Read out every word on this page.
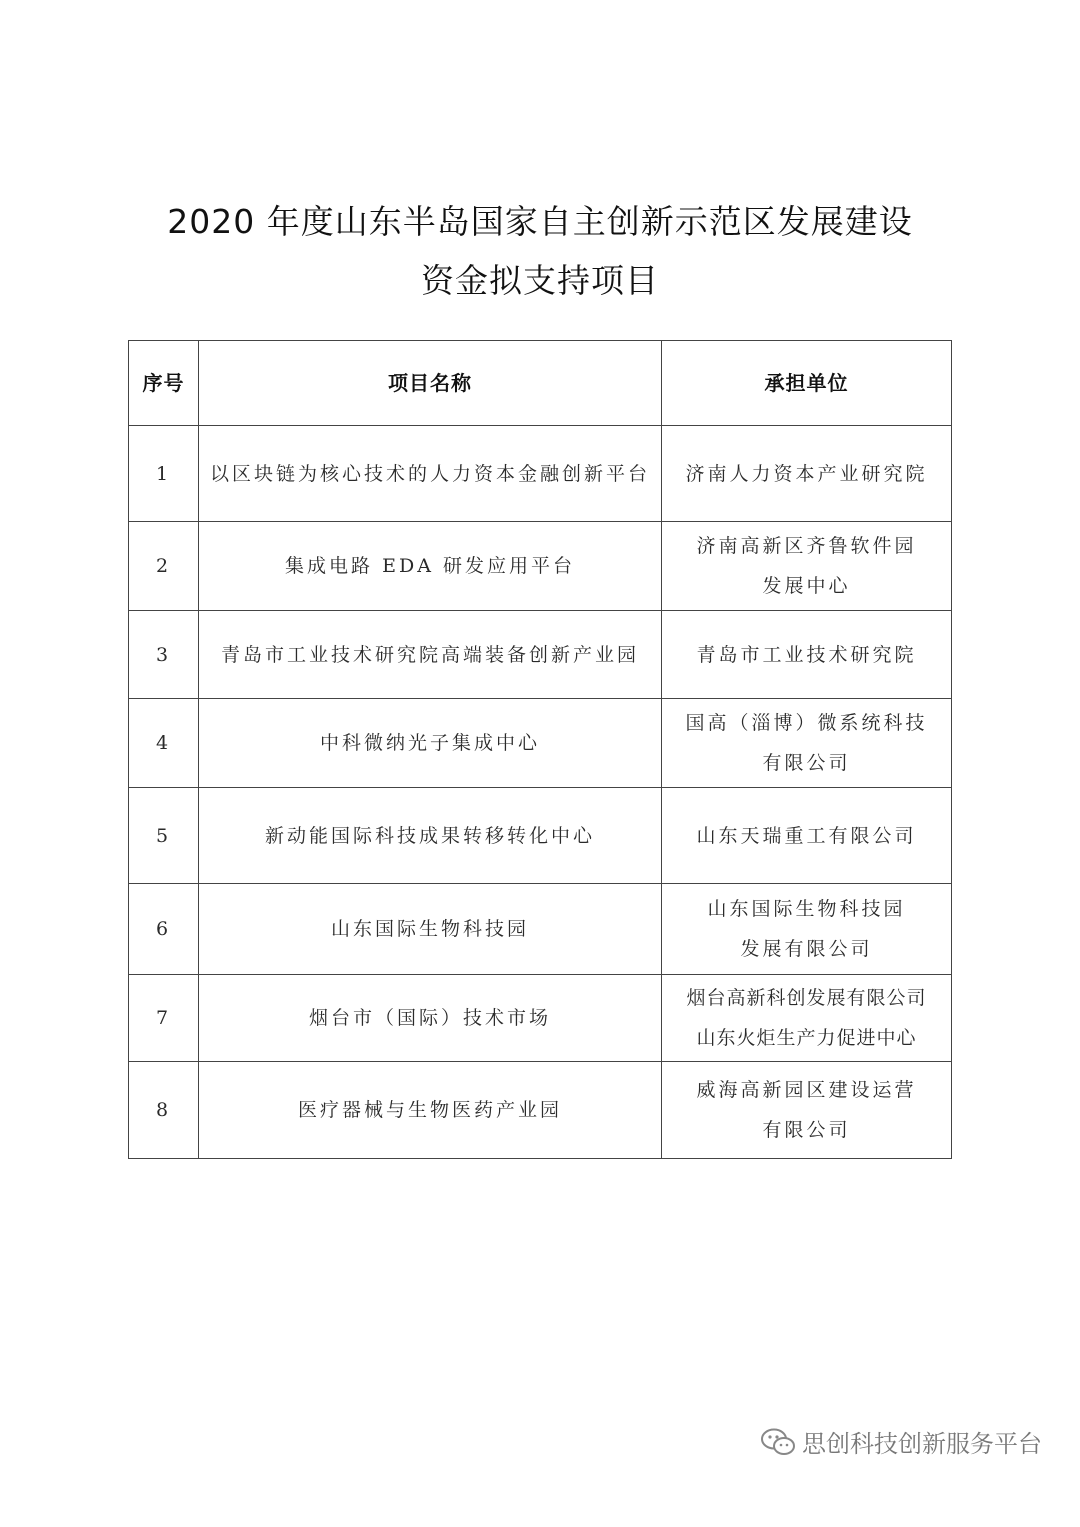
2020 年度山东半岛国家自主创新示范区发展建设
资金拟支持项目
序号	项目名称	承担单位
1	以区块链为核心技术的人力资本金融创新平台	济南人力资本产业研究院

2	集成电路 EDA 研发应用平台	济南高新区齐鲁软件园
发展中心

3	青岛市工业技术研究院高端装备创新产业园	青岛市工业技术研究院

4	中科微纳光子集成中心	国高（淄博）微系统科技
有限公司

5	新动能国际科技成果转移转化中心	山东天瑞重工有限公司

6	山东国际生物科技园	山东国际生物科技园
发展有限公司

7	烟台市（国际）技术市场	烟台高新科创发展有限公司
山东火炬生产力促进中心

8	医疗器械与生物医药产业园	威海高新园区建设运营
有限公司
思创科技创新服务平台
